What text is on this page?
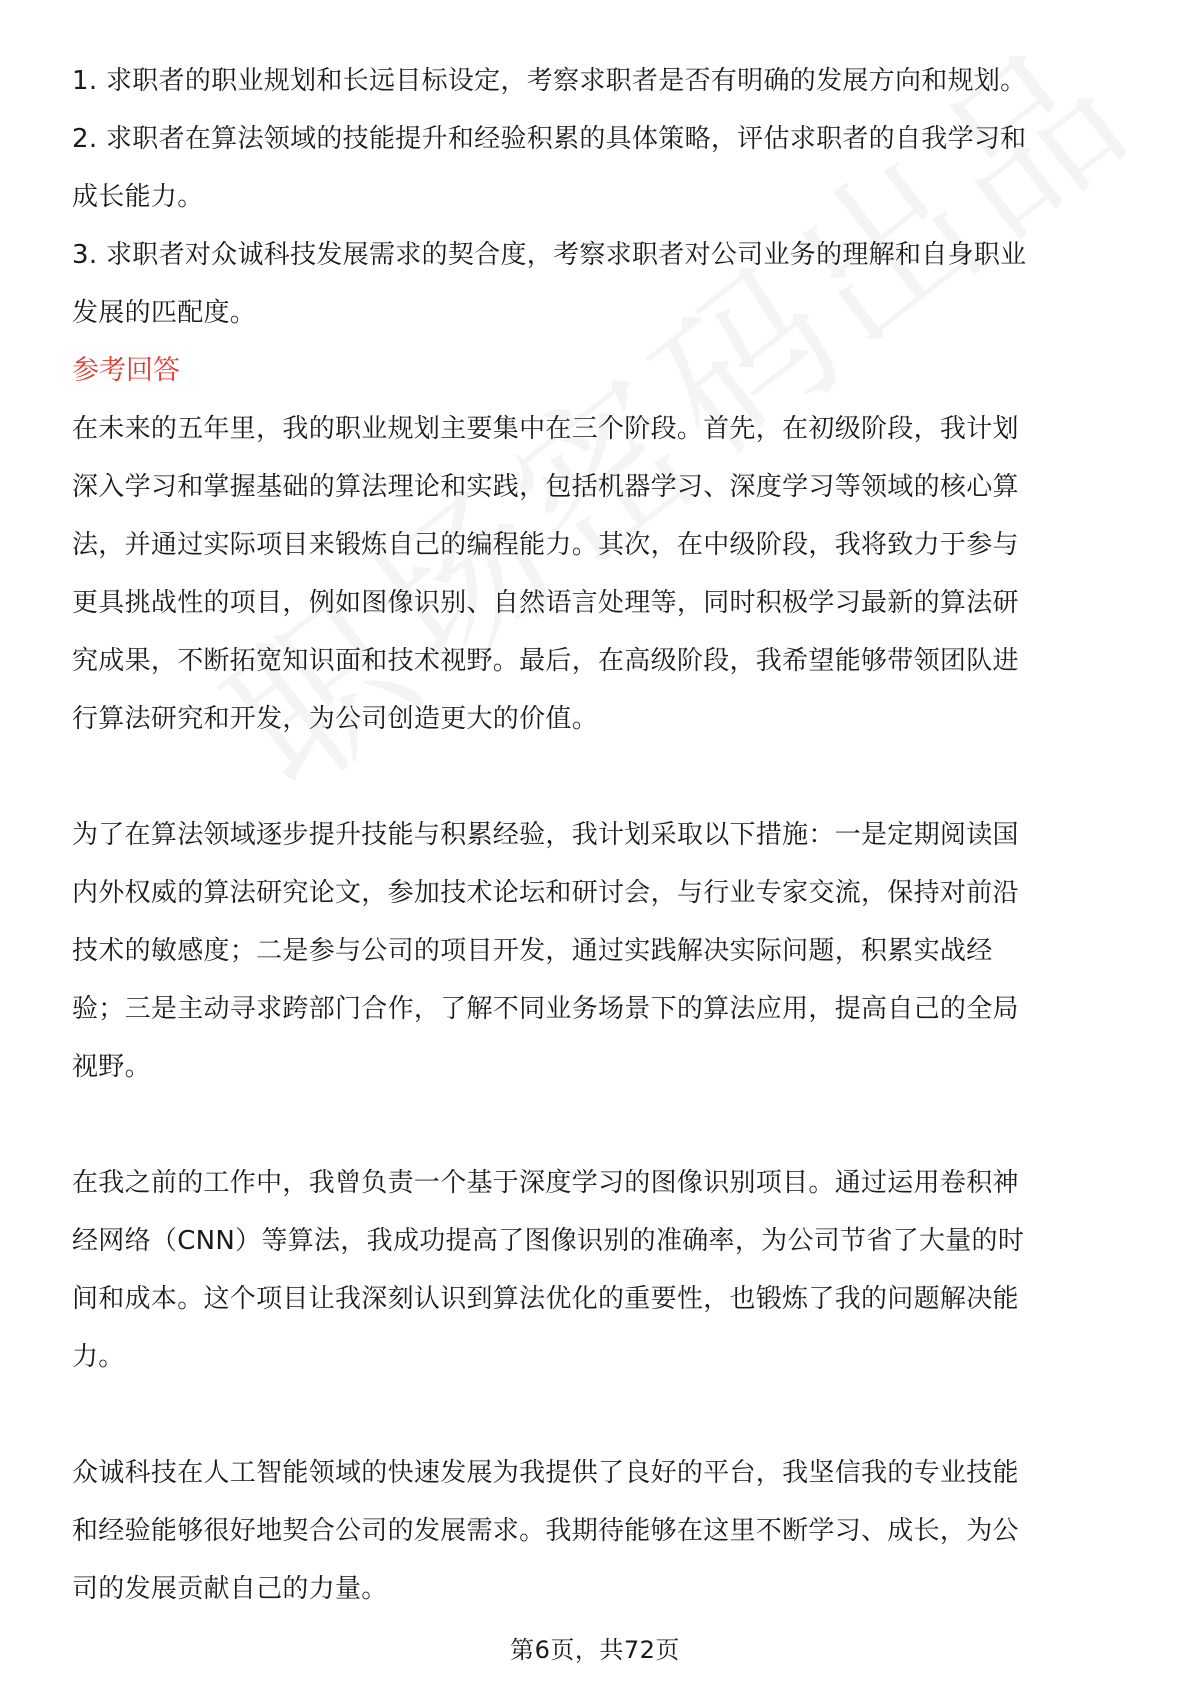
1. 求职者的职业规划和长远目标设定，考察求职者是否有明确的发展方向和规划。

2. 求职者在算法领域的技能提升和经验积累的具体策略，评估求职者的自我学习和

成长能力。

3. 求职者对众诚科技发展需求的契合度，考察求职者对公司业务的理解和自身职业

发展的匹配度。

参考回答

在未来的五年里，我的职业规划主要集中在三个阶段。首先，在初级阶段，我计划

深入学习和掌握基础的算法理论和实践，包括机器学习、深度学习等领域的核心算

法，并通过实际项目来锻炼自己的编程能力。其次，在中级阶段，我将致力于参与

更具挑战性的项目，例如图像识别、自然语言处理等，同时积极学习最新的算法研

究成果，不断拓宽知识面和技术视野。最后，在高级阶段，我希望能够带领团队进

行算法研究和开发，为公司创造更大的价值。

为了在算法领域逐步提升技能与积累经验，我计划采取以下措施：一是定期阅读国

内外权威的算法研究论文，参加技术论坛和研讨会，与行业专家交流，保持对前沿

技术的敏感度；二是参与公司的项目开发，通过实践解决实际问题，积累实战经

验；三是主动寻求跨部门合作，了解不同业务场景下的算法应用，提高自己的全局

视野。

在我之前的工作中，我曾负责一个基于深度学习的图像识别项目。通过运用卷积神

经网络（CNN）等算法，我成功提高了图像识别的准确率，为公司节省了大量的时

间和成本。这个项目让我深刻认识到算法优化的重要性，也锻炼了我的问题解决能

力。

众诚科技在人工智能领域的快速发展为我提供了良好的平台，我坚信我的专业技能

和经验能够很好地契合公司的发展需求。我期待能够在这里不断学习、成长，为公

司的发展贡献自己的力量。

第6页，共72页
